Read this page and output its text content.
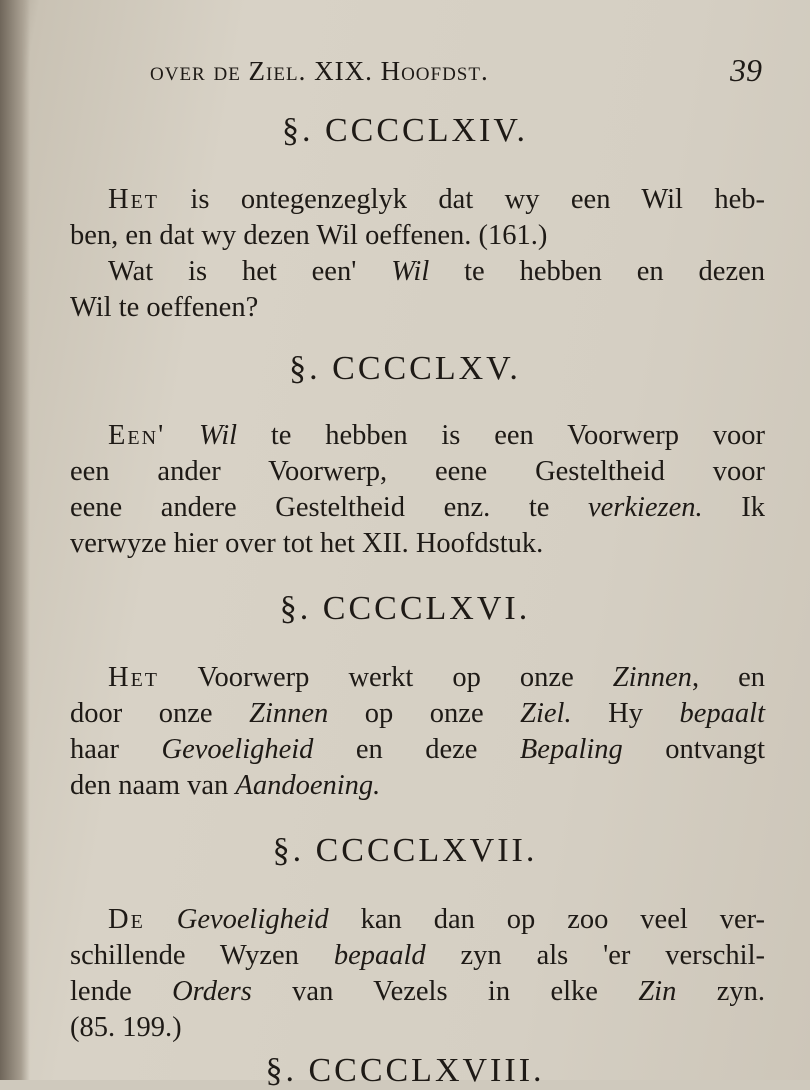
over de Ziel. XIX. Hoofdst.	39
§. CCCCLXIV.
Het is ontegenzeglyk dat wy een Wil heb-
ben, en dat wy dezen Wil oeffenen. (161.)
Wat is het een' Wil te hebben en dezen
Wil te oeffenen?
§. CCCCLXV.
Een' Wil te hebben is een Voorwerp voor
een ander Voorwerp, eene Gesteltheid voor
eene andere Gesteltheid enz. te verkiezen. Ik
verwyze hier over tot het XII. Hoofdstuk.
§. CCCCLXVI.
Het Voorwerp werkt op onze Zinnen, en
door onze Zinnen op onze Ziel. Hy bepaalt
haar Gevoeligheid en deze Bepaling ontvangt
den naam van Aandoening.
§. CCCCLXVII.
De Gevoeligheid kan dan op zoo veel ver-
schillende Wyzen bepaald zyn als 'er verschil-
lende Orders van Vezels in elke Zin zyn.
(85. 199.)
§. CCCCLXVIII.
